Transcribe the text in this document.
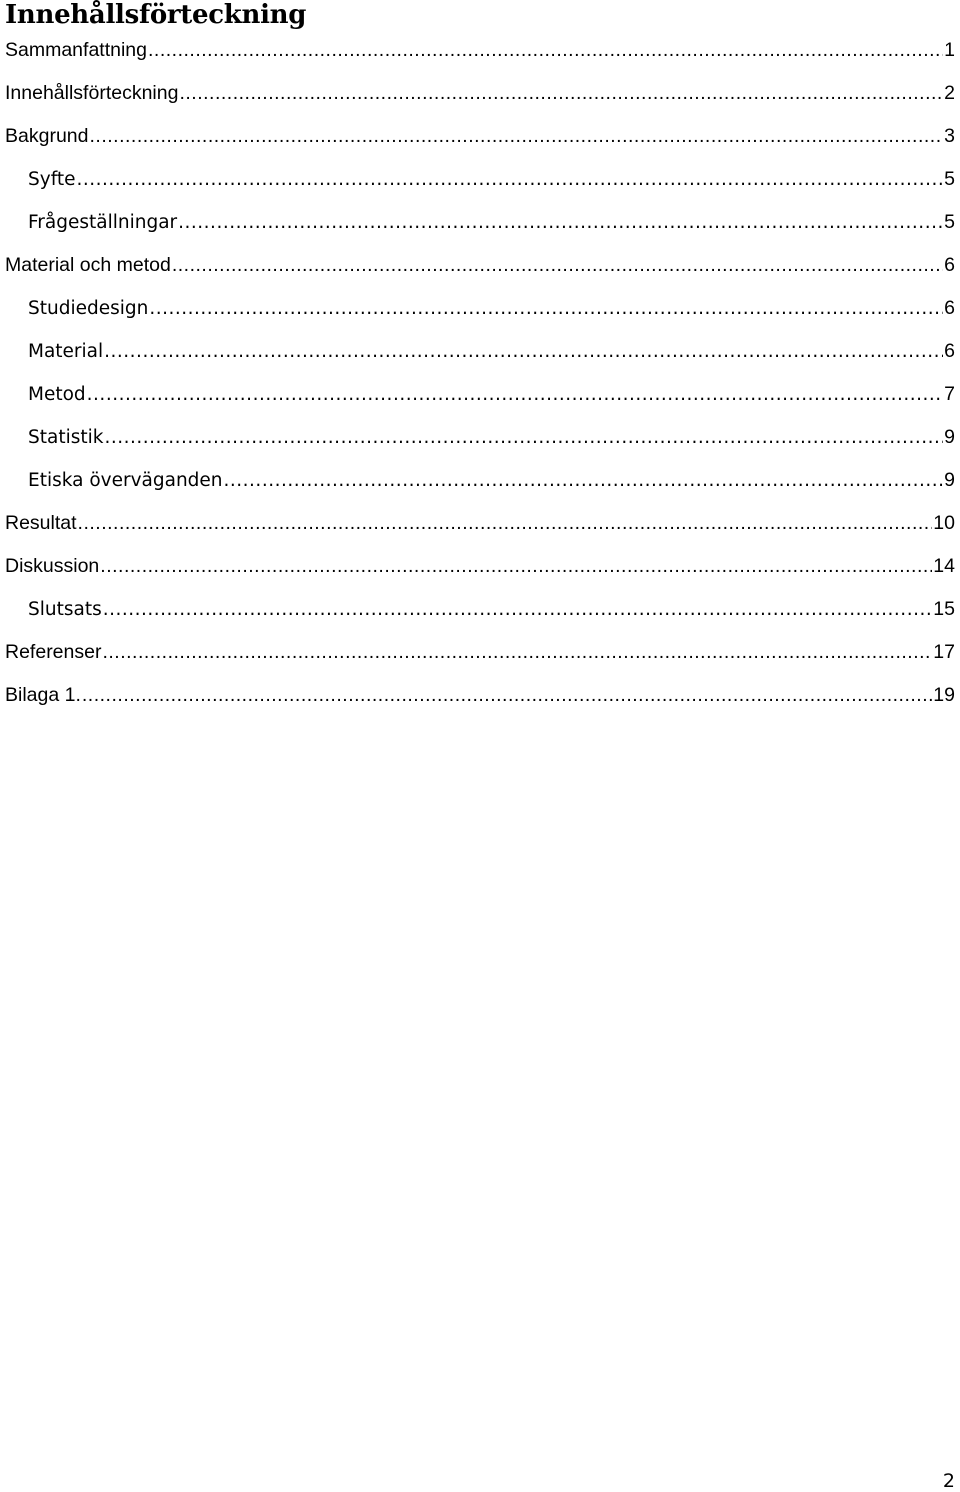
Innehållsförteckning
Sammanfattning .....	1
Innehållsförteckning .....	2
Bakgrund .....	3
Syfte .....	5
Frågeställningar .....	5
Material och metod .....	6
Studiedesign .....	6
Material .....	6
Metod .....	7
Statistik .....	9
Etiska överväganden .....	9
Resultat .....	10
Diskussion .....	14
Slutsats .....	15
Referenser .....	17
Bilaga 1. .....	19
2
